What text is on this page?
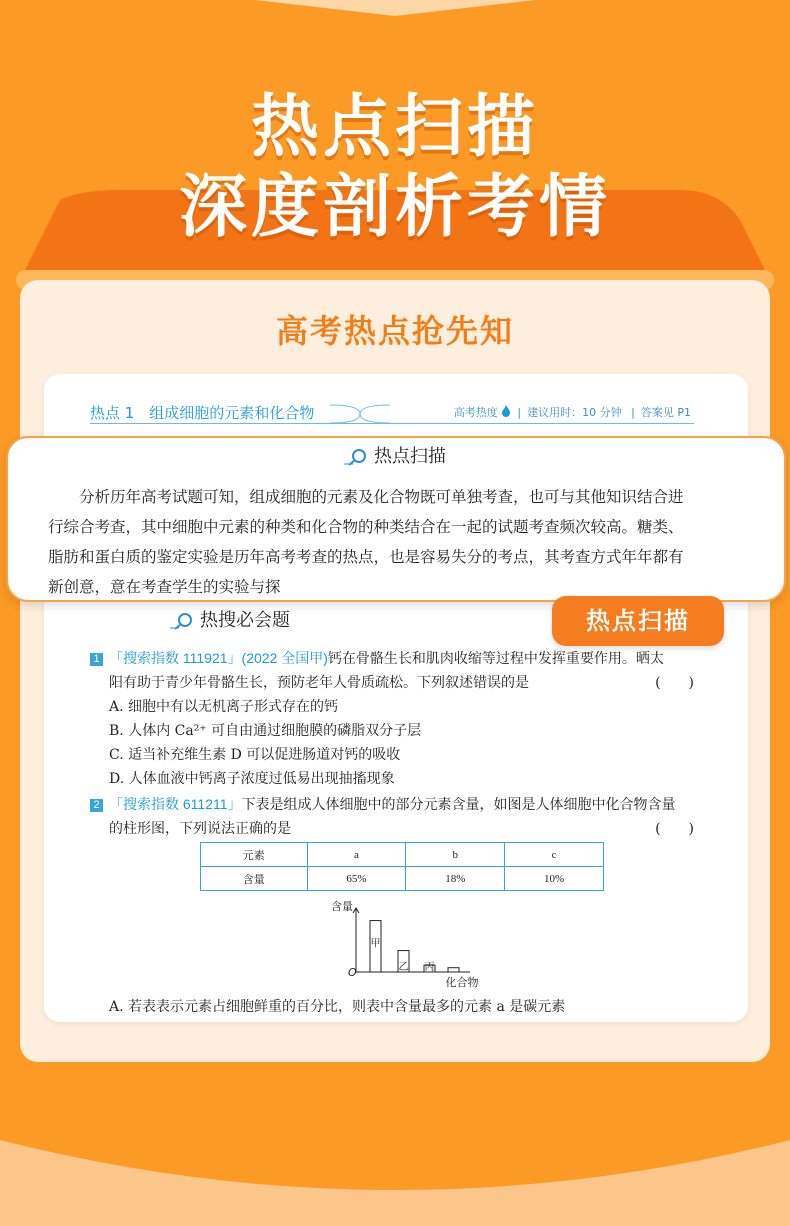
热点扫描
深度剖析考情
高考热点抢先知
热点 1　组成细胞的元素和化合物	高考热度 | 建议用时：10 分钟 | 答案见 P1
热点扫描
分析历年高考试题可知，组成细胞的元素及化合物既可单独考查，也可与其他知识结合进
行综合考查，其中细胞中元素的种类和化合物的种类结合在一起的试题考查频次较高。糖类、
脂肪和蛋白质的鉴定实验是历年高考考查的热点，也是容易失分的考点，其考查方式年年都有
新创意，意在考查学生的实验与探
热点扫描
热搜必会题
1 「搜索指数 111921」(2022 全国甲)钙在骨骼生长和肌肉收缩等过程中发挥重要作用。晒太
阳有助于青少年骨骼生长，预防老年人骨质疏松。下列叙述错误的是	(　　)
A. 细胞中有以无机离子形式存在的钙
B. 人体内 Ca²⁺ 可自由通过细胞膜的磷脂双分子层
C. 适当补充维生素 D 可以促进肠道对钙的吸收
D. 人体血液中钙离子浓度过低易出现抽搐现象
2 「搜索指数 611211」下表是组成人体细胞中的部分元素含量，如图是人体细胞中化合物含量
的柱形图，下列说法正确的是	(　　)
元素	a	b	c
含量	65%	18%	10%
含量
O
化合物
甲
乙 丙
A. 若表表示元素占细胞鲜重的百分比，则表中含量最多的元素 a 是碳元素
